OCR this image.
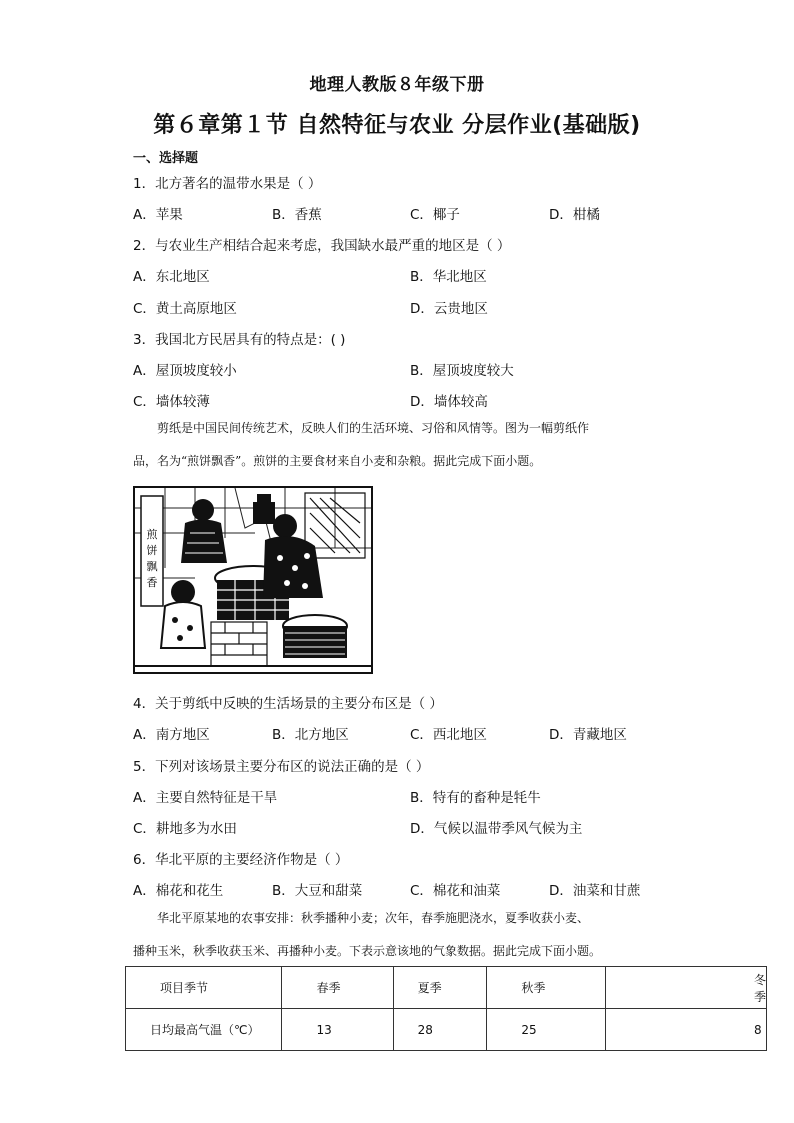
地理人教版８年级下册
第６章第１节 自然特征与农业 分层作业(基础版)
一、选择题
1．北方著名的温带水果是（ ）
A．苹果	B．香蕉	C．椰子	D．柑橘
2．与农业生产相结合起来考虑，我国缺水最严重的地区是（ ）
A．东北地区	B．华北地区
C．黄土高原地区	D．云贵地区
3．我国北方民居具有的特点是：( )
A．屋顶坡度较小	B．屋顶坡度较大
C．墙体较薄	D．墙体较高
剪纸是中国民间传统艺术，反映人们的生活环境、习俗和风情等。图为一幅剪纸作
品，名为“煎饼飘香”。煎饼的主要食材来自小麦和杂粮。据此完成下面小题。
煎
饼
飘
香
4．关于剪纸中反映的生活场景的主要分布区是（ ）
A．南方地区	B．北方地区	C．西北地区	D．青藏地区
5．下列对该场景主要分布区的说法正确的是（ ）
A．主要自然特征是干旱	B．特有的畜种是牦牛
C．耕地多为水田	D．气候以温带季风气候为主
6．华北平原的主要经济作物是（ ）
A．棉花和花生	B．大豆和甜菜	C．棉花和油菜	D．油菜和甘蔗
华北平原某地的农事安排：秋季播种小麦；次年，春季施肥浇水，夏季收获小麦、
播种玉米，秋季收获玉米、再播种小麦。下表示意该地的气象数据。据此完成下面小题。
项目季节	春季	夏季	秋季	冬季
日均最高气温（℃）	13	28	25	8
